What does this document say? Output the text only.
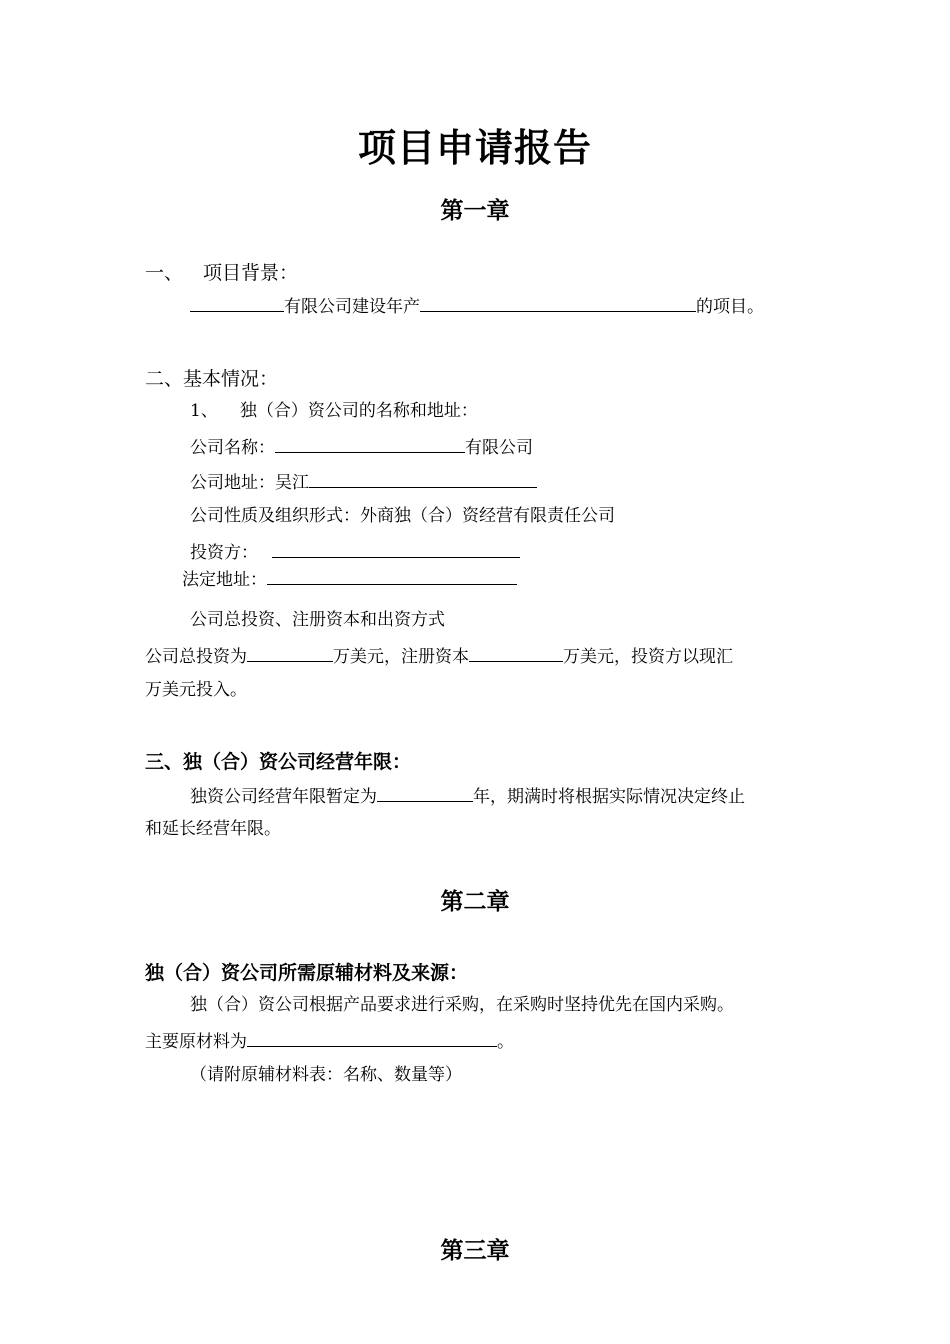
项目申请报告
第一章
一、 项目背景：
有限公司建设年产	的项目。
二、基本情况：
1、 独（合）资公司的名称和地址：
公司名称：	有限公司
公司地址：吴江
公司性质及组织形式：外商独（合）资经营有限责任公司
投资方：
法定地址：
公司总投资、注册资本和出资方式
公司总投资为	万美元，注册资本	万美元，投资方以现汇
万美元投入。
三、独（合）资公司经营年限：
独资公司经营年限暂定为	年，期满时将根据实际情况决定终止
和延长经营年限。
第二章
独（合）资公司所需原辅材料及来源：
独（合）资公司根据产品要求进行采购，在采购时坚持优先在国内采购。
主要原材料为	。
（请附原辅材料表：名称、数量等）
第三章
